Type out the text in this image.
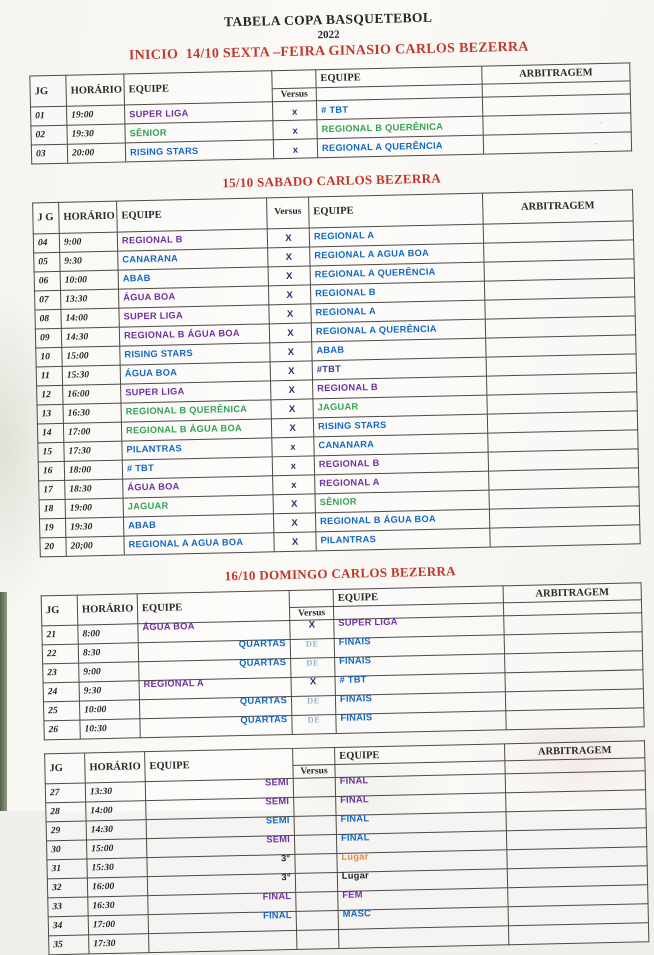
TABELA COPA BASQUETEBOL
2022
INICIO  14/10 SEXTA –FEIRA GINASIO CARLOS BEZERRA
JG	HORÁRIO	EQUIPE		EQUIPE	ARBITRAGEM
			Versus		
01	19:00	SUPER LIGA	x	# TBT	
02	19:30	SÊNIOR	x	REGIONAL B QUERÊNICA	
03	20:00	RISING STARS	x	REGIONAL A QUERÊNCIA	
15/10 SABADO CARLOS BEZERRA
J G	HORÁRIO	EQUIPE	Versus	EQUIPE	ARBITRAGEM
04	9:00	REGIONAL B	X	REGIONAL A	
05	9:30	CANARANA	X	REGIONAL A AGUA BOA	
06	10:00	ABAB	X	REGIONAL A QUERÊNCIA	
07	13:30	ÁGUA BOA	X	REGIONAL B	
08	14:00	SUPER LIGA	X	REGIONAL A	
09	14:30	REGIONAL B ÁGUA BOA	X	REGIONAL A QUERÊNCIA	
10	15:00	RISING STARS	X	ABAB	
11	15:30	ÁGUA BOA	X	#TBT	
12	16:00	SUPER LIGA	X	REGIONAL B	
13	16:30	REGIONAL B QUERÊNICA	X	JAGUAR	
14	17:00	REGIONAL B ÁGUA BOA	X	RISING STARS	
15	17:30	PILANTRAS	x	CANANARA	
16	18:00	# TBT	x	REGIONAL B	
17	18:30	ÁGUA BOA	x	REGIONAL A	
18	19:00	JAGUAR	X	SÊNIOR	
19	19:30	ABAB	X	REGIONAL B ÁGUA BOA	
20	20;00	REGIONAL A AGUA BOA	X	PILANTRAS	
16/10 DOMINGO CARLOS BEZERRA
JG	HORÁRIO	EQUIPE		EQUIPE	ARBITRAGEM
			Versus		
21	8:00	ÁGUA BOA	X	SUPER LIGA	
22	8:30	QUARTAS	DE	FINAIS	
23	9:00	QUARTAS	DE	FINAIS	
24	9:30	REGIONAL A	X	# TBT	
25	10:00	QUARTAS	DE	FINAIS	
26	10:30	QUARTAS	DE	FINAIS	
JG	HORÁRIO	EQUIPE		EQUIPE	ARBITRAGEM
			Versus		
27	13:30	SEMI		FINAL	
28	14:00	SEMI		FINAL	
29	14:30	SEMI		FINAL	
30	15:00	SEMI		FINAL	
31	15:30	3°		Lugar	
32	16:00	3°		Lugar	
33	16:30	FINAL		FEM	
34	17:00	FINAL		MASC	
35	17:30				
,
-
